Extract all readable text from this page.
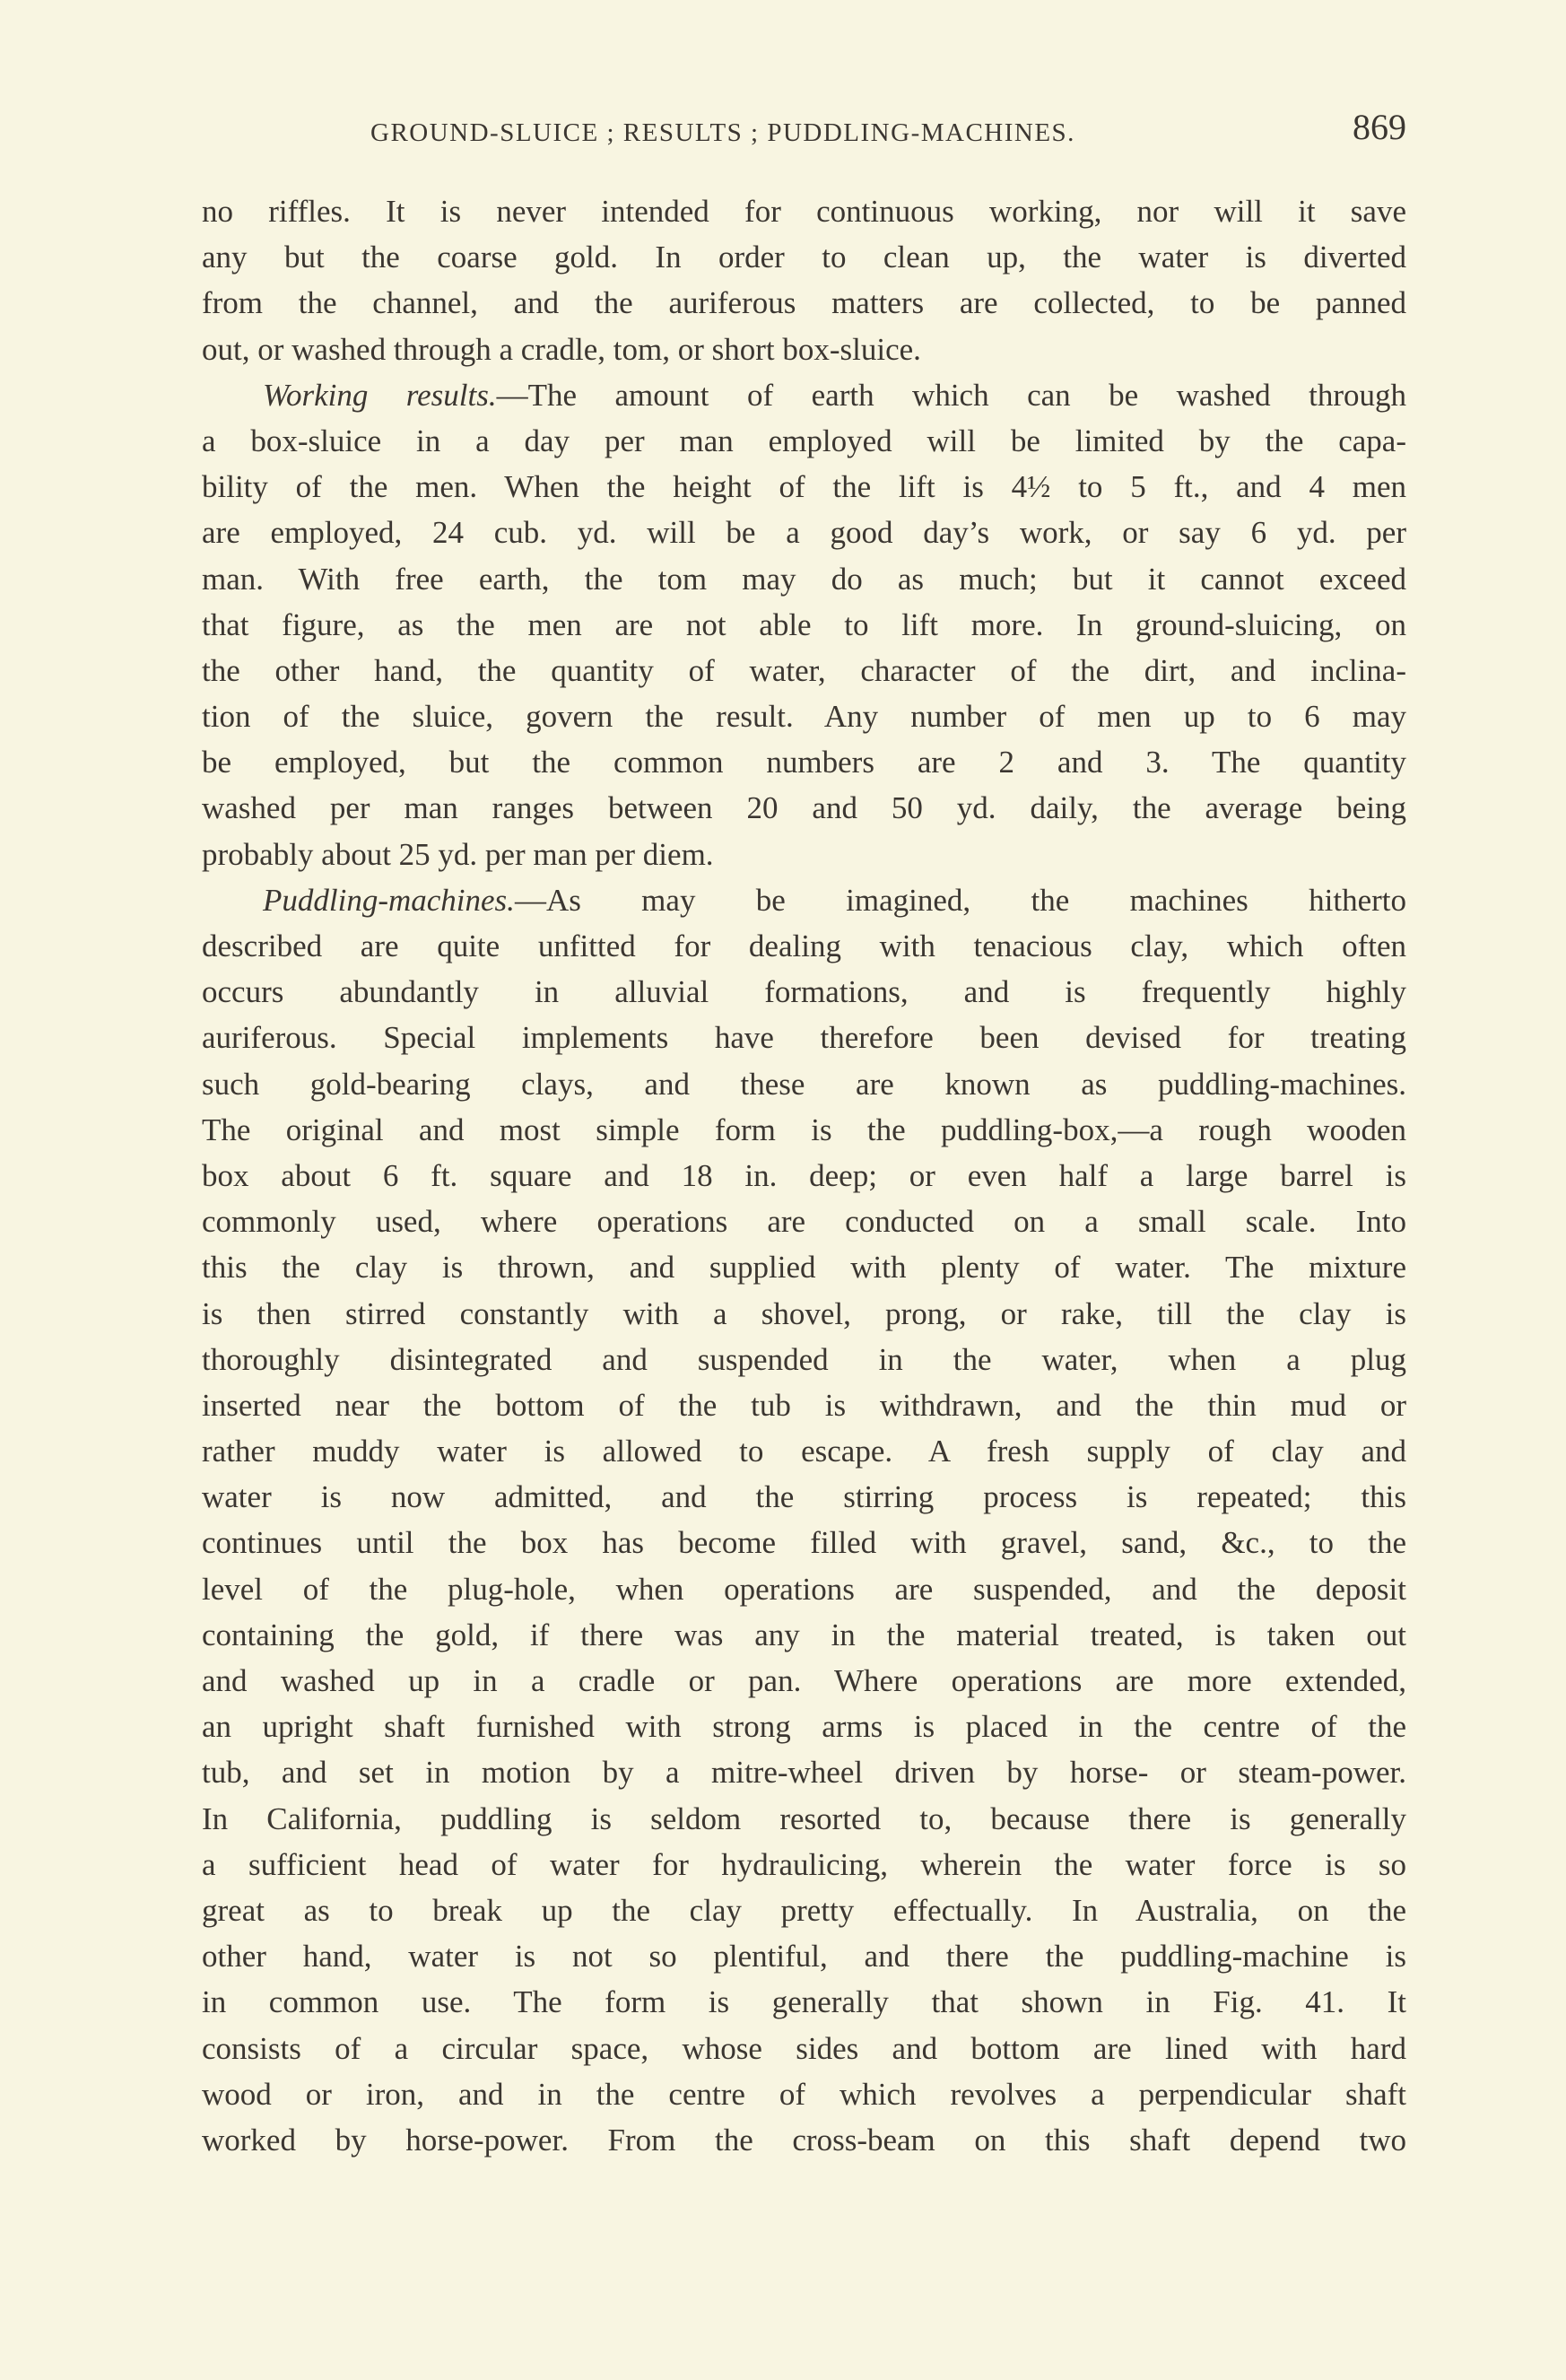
GROUND-SLUICE ; RESULTS ; PUDDLING-MACHINES.	869
no riffles. It is never intended for continuous working, nor will it save
any but the coarse gold. In order to clean up, the water is diverted
from the channel, and the auriferous matters are collected, to be panned
out, or washed through a cradle, tom, or short box-sluice.
Working results.—The amount of earth which can be washed through
a box-sluice in a day per man employed will be limited by the capa-
bility of the men. When the height of the lift is 4½ to 5 ft., and 4 men
are employed, 24 cub. yd. will be a good day’s work, or say 6 yd. per
man. With free earth, the tom may do as much; but it cannot exceed
that figure, as the men are not able to lift more. In ground-sluicing, on
the other hand, the quantity of water, character of the dirt, and inclina-
tion of the sluice, govern the result. Any number of men up to 6 may
be employed, but the common numbers are 2 and 3. The quantity
washed per man ranges between 20 and 50 yd. daily, the average being
probably about 25 yd. per man per diem.
Puddling-machines.—As may be imagined, the machines hitherto
described are quite unfitted for dealing with tenacious clay, which often
occurs abundantly in alluvial formations, and is frequently highly
auriferous. Special implements have therefore been devised for treating
such gold-bearing clays, and these are known as puddling-machines.
The original and most simple form is the puddling-box,—a rough wooden
box about 6 ft. square and 18 in. deep; or even half a large barrel is
commonly used, where operations are conducted on a small scale. Into
this the clay is thrown, and supplied with plenty of water. The mixture
is then stirred constantly with a shovel, prong, or rake, till the clay is
thoroughly disintegrated and suspended in the water, when a plug
inserted near the bottom of the tub is withdrawn, and the thin mud or
rather muddy water is allowed to escape. A fresh supply of clay and
water is now admitted, and the stirring process is repeated; this
continues until the box has become filled with gravel, sand, &c., to the
level of the plug-hole, when operations are suspended, and the deposit
containing the gold, if there was any in the material treated, is taken out
and washed up in a cradle or pan. Where operations are more extended,
an upright shaft furnished with strong arms is placed in the centre of the
tub, and set in motion by a mitre-wheel driven by horse- or steam-power.
In California, puddling is seldom resorted to, because there is generally
a sufficient head of water for hydraulicing, wherein the water force is so
great as to break up the clay pretty effectually. In Australia, on the
other hand, water is not so plentiful, and there the puddling-machine is
in common use. The form is generally that shown in Fig. 41. It
consists of a circular space, whose sides and bottom are lined with hard
wood or iron, and in the centre of which revolves a perpendicular shaft
worked by horse-power. From the cross-beam on this shaft depend two
